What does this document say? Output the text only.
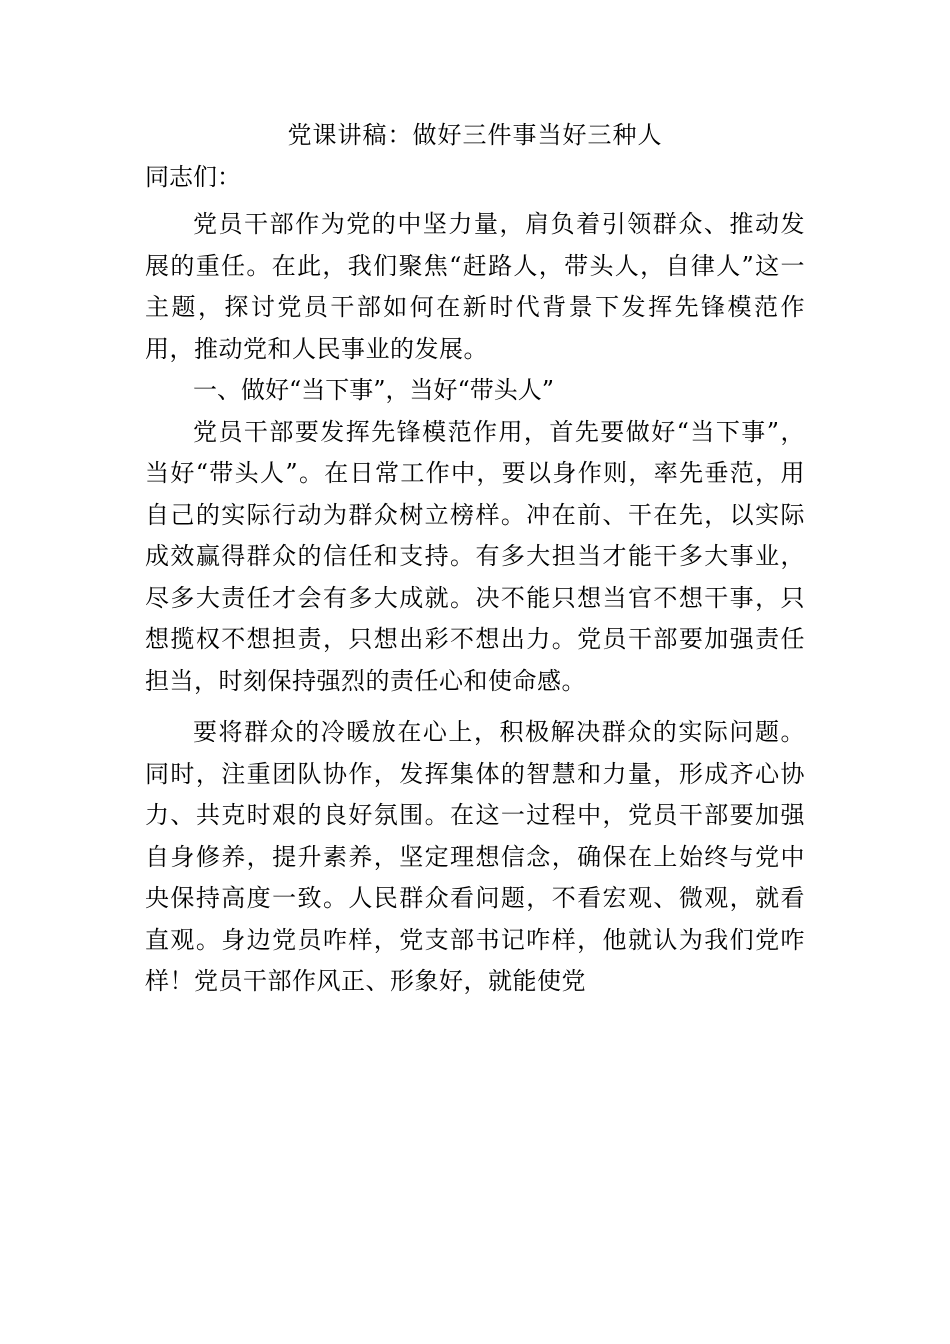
党课讲稿：做好三件事当好三种人

同志们：

党员干部作为党的中坚力量，肩负着引领群众、推动发展的重任。在此，我们聚焦“赶路人，带头人，自律人”这一主题，探讨党员干部如何在新时代背景下发挥先锋模范作用，推动党和人民事业的发展。

一、做好“当下事”，当好“带头人”

党员干部要发挥先锋模范作用，首先要做好“当下事”，当好“带头人”。在日常工作中，要以身作则，率先垂范，用自己的实际行动为群众树立榜样。冲在前、干在先，以实际成效赢得群众的信任和支持。有多大担当才能干多大事业，尽多大责任才会有多大成就。决不能只想当官不想干事，只想揽权不想担责，只想出彩不想出力。党员干部要加强责任担当，时刻保持强烈的责任心和使命感。

要将群众的冷暖放在心上，积极解决群众的实际问题。同时，注重团队协作，发挥集体的智慧和力量，形成齐心协力、共克时艰的良好氛围。在这一过程中，党员干部要加强自身修养，提升素养，坚定理想信念，确保在上始终与党中央保持高度一致。人民群众看问题，不看宏观、微观，就看直观。身边党员咋样，党支部书记咋样，他就认为我们党咋样！党员干部作风正、形象好，就能使党
